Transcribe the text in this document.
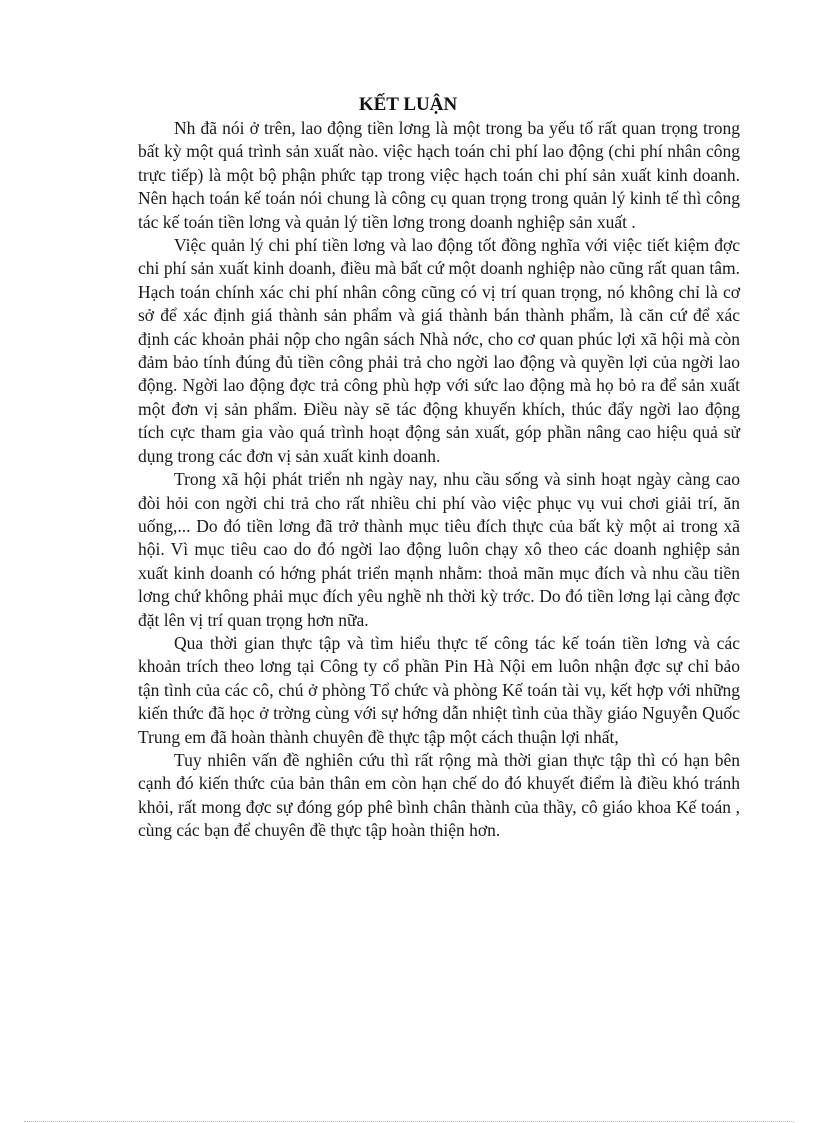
KẾT LUẬN

Nh đã nói ở trên, lao động tiền lơng là một trong ba yếu tố rất quan trọng trong bất kỳ một quá trình sản xuất nào. việc hạch toán chi phí lao động (chi phí nhân công trực tiếp) là một bộ phận phức tạp trong việc hạch toán chi phí sản xuất kinh doanh. Nên hạch toán kế toán nói chung là công cụ quan trọng trong quản lý kinh tế thì công tác kế toán tiền lơng và quản lý tiền lơng trong doanh nghiệp sản xuất .

Việc quản lý chi phí tiền lơng và lao động tốt đồng nghĩa với việc tiết kiệm đợc chi phí sản xuất kinh doanh, điều mà bất cứ một doanh nghiệp nào cũng rất quan tâm. Hạch toán chính xác chi phí nhân công cũng có vị trí quan trọng, nó không chỉ là cơ sở để xác định giá thành sản phẩm và giá thành bán thành phẩm, là căn cứ để xác định các khoản phải nộp cho ngân sách Nhà nớc, cho cơ quan phúc lợi xã hội mà còn đảm bảo tính đúng đủ tiền công phải trả cho ngời lao động và quyền lợi của ngời lao động. Ngời lao động đợc trả công phù hợp với sức lao động mà họ bỏ ra để sản xuất một đơn vị sản phẩm. Điều này sẽ tác động khuyến khích, thúc đẩy ngời lao động tích cực tham gia vào quá trình hoạt động sản xuất, góp phần nâng cao hiệu quả sử dụng trong các đơn vị sản xuất kinh doanh.

Trong xã hội phát triển nh ngày nay, nhu cầu sống và sinh hoạt ngày càng cao đòi hỏi con ngời chi trả cho rất nhiều chi phí vào việc phục vụ vui chơi giải trí, ăn uống,... Do đó tiền lơng đã trở thành mục tiêu đích thực của bất kỳ một ai trong xã hội. Vì mục tiêu cao do đó ngời lao động luôn chạy xô theo các doanh nghiệp sản xuất kinh doanh có hớng phát triển mạnh nhằm: thoả mãn mục đích và nhu cầu tiền lơng chứ không phải mục đích yêu nghề nh thời kỳ trớc. Do đó tiền lơng lại càng đợc đặt lên vị trí quan trọng hơn nữa.

Qua thời gian thực tập và tìm hiểu thực tế công tác kế toán tiền lơng và các khoản trích theo lơng tại Công ty cổ phần Pin Hà Nội em luôn nhận đợc sự chỉ bảo tận tình của các cô, chú ở phòng Tổ chức và phòng Kế toán tài vụ, kết hợp với những kiến thức đã học ở trờng cùng với sự hớng dẫn nhiệt tình của thầy giáo Nguyễn Quốc Trung em đã hoàn thành chuyên đề thực tập một cách thuận lợi nhất,

Tuy nhiên vấn đề nghiên cứu thì rất rộng mà thời gian thực tập thì có hạn bên cạnh đó kiến thức của bản thân em còn hạn chế do đó khuyết điểm là điều khó tránh khỏi, rất mong đợc sự đóng góp phê bình chân thành của thầy, cô giáo khoa Kế toán , cùng các bạn để chuyên đề thực tập hoàn thiện hơn.
